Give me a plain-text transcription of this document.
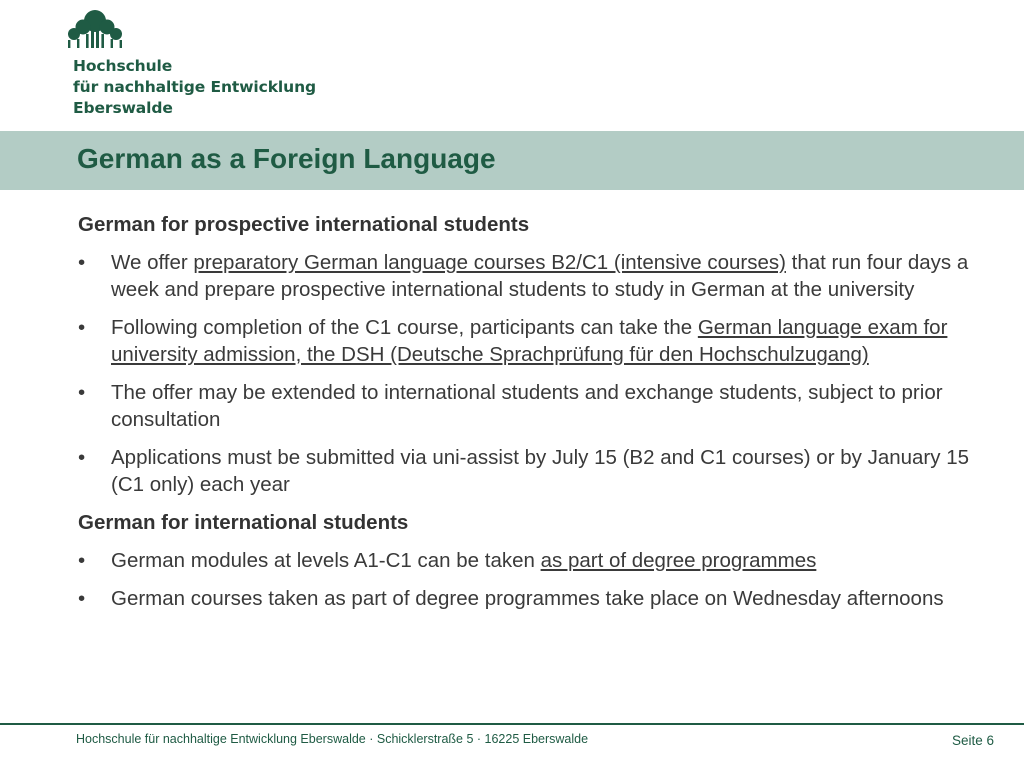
Hochschule
für nachhaltige Entwicklung
Eberswalde
German as a Foreign Language
German for prospective international students
•	We offer preparatory German language courses B2/C1 (intensive courses) that run four days a week and prepare prospective international students to study in German at the university
•	Following completion of the C1 course, participants can take the German language exam for university admission, the DSH (Deutsche Sprachprüfung für den Hochschulzugang)
•	The offer may be extended to international students and exchange students, subject to prior consultation
•	Applications must be submitted via uni-assist by July 15 (B2 and C1 courses) or by January 15 (C1 only) each year
German for international students
•	German modules at levels A1-C1 can be taken as part of degree programmes
•	German courses taken as part of degree programmes take place on Wednesday afternoons
Hochschule für nachhaltige Entwicklung Eberswalde · Schicklerstraße 5 · 16225 Eberswalde	Seite 6
